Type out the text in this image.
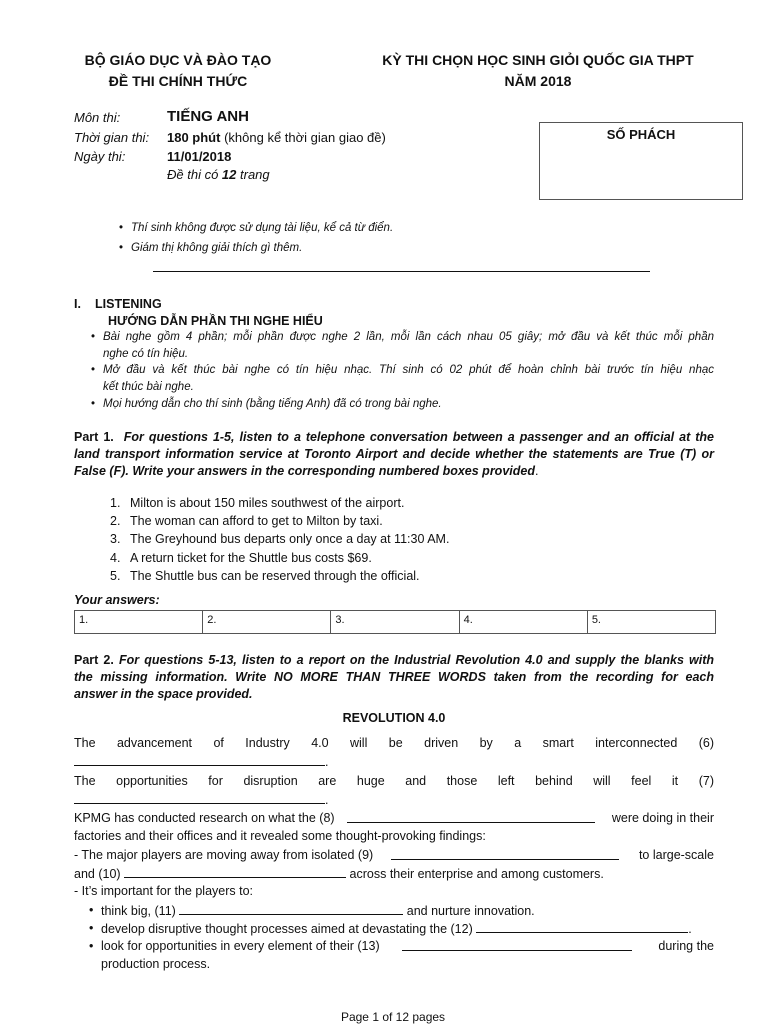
BỘ GIÁO DỤC VÀ ĐÀO TẠO
ĐỀ THI CHÍNH THỨC
KỲ THI CHỌN HỌC SINH GIỎI QUỐC GIA THPT
NĂM 2018
Môn thi:	TIẾNG ANH
Thời gian thi: 180 phút (không kể thời gian giao đề)
Ngày thi:	11/01/2018
Đề thi có 12 trang
SỐ PHÁCH
• Thí sinh không được sử dụng tài liệu, kể cả từ điển.
• Giám thị không giải thích gì thêm.
I. LISTENING
HƯỚNG DẪN PHẦN THI NGHE HIỂU
• Bài nghe gồm 4 phần; mỗi phần được nghe 2 lần, mỗi lần cách nhau 05 giây; mở đầu và kết thúc mỗi phần
nghe có tín hiệu.
• Mở đầu và kết thúc bài nghe có tín hiệu nhạc. Thí sinh có 02 phút để hoàn chỉnh bài trước tín hiệu nhạc
kết thúc bài nghe.
• Mọi hướng dẫn cho thí sinh (bằng tiếng Anh) đã có trong bài nghe.
Part 1. For questions 1-5, listen to a telephone conversation between a passenger and an official at the
land transport information service at Toronto Airport and decide whether the statements are True (T) or
False (F). Write your answers in the corresponding numbered boxes provided.
1. Milton is about 150 miles southwest of the airport.
2. The woman can afford to get to Milton by taxi.
3. The Greyhound bus departs only once a day at 11:30 AM.
4. A return ticket for the Shuttle bus costs $69.
5. The Shuttle bus can be reserved through the official.
Your answers:
1.	2.	3.	4.	5.
Part 2. For questions 5-13, listen to a report on the Industrial Revolution 4.0 and supply the blanks with
the missing information. Write NO MORE THAN THREE WORDS taken from the recording for each
answer in the space provided.
REVOLUTION 4.0
The advancement of Industry 4.0 will be driven by a smart interconnected (6)
.
The opportunities for disruption are huge and those left behind will feel it (7)
.
KPMG has conducted research on what the (8)	were doing in their
factories and their offices and it revealed some thought-provoking findings:
- The major players are moving away from isolated (9)	to large-scale
and (10)	across their enterprise and among customers.
- It’s important for the players to:
• think big, (11)	and nurture innovation.
• develop disruptive thought processes aimed at devastating the (12)	.
• look for opportunities in every element of their (13)	during the
production process.
Page 1 of 12 pages
